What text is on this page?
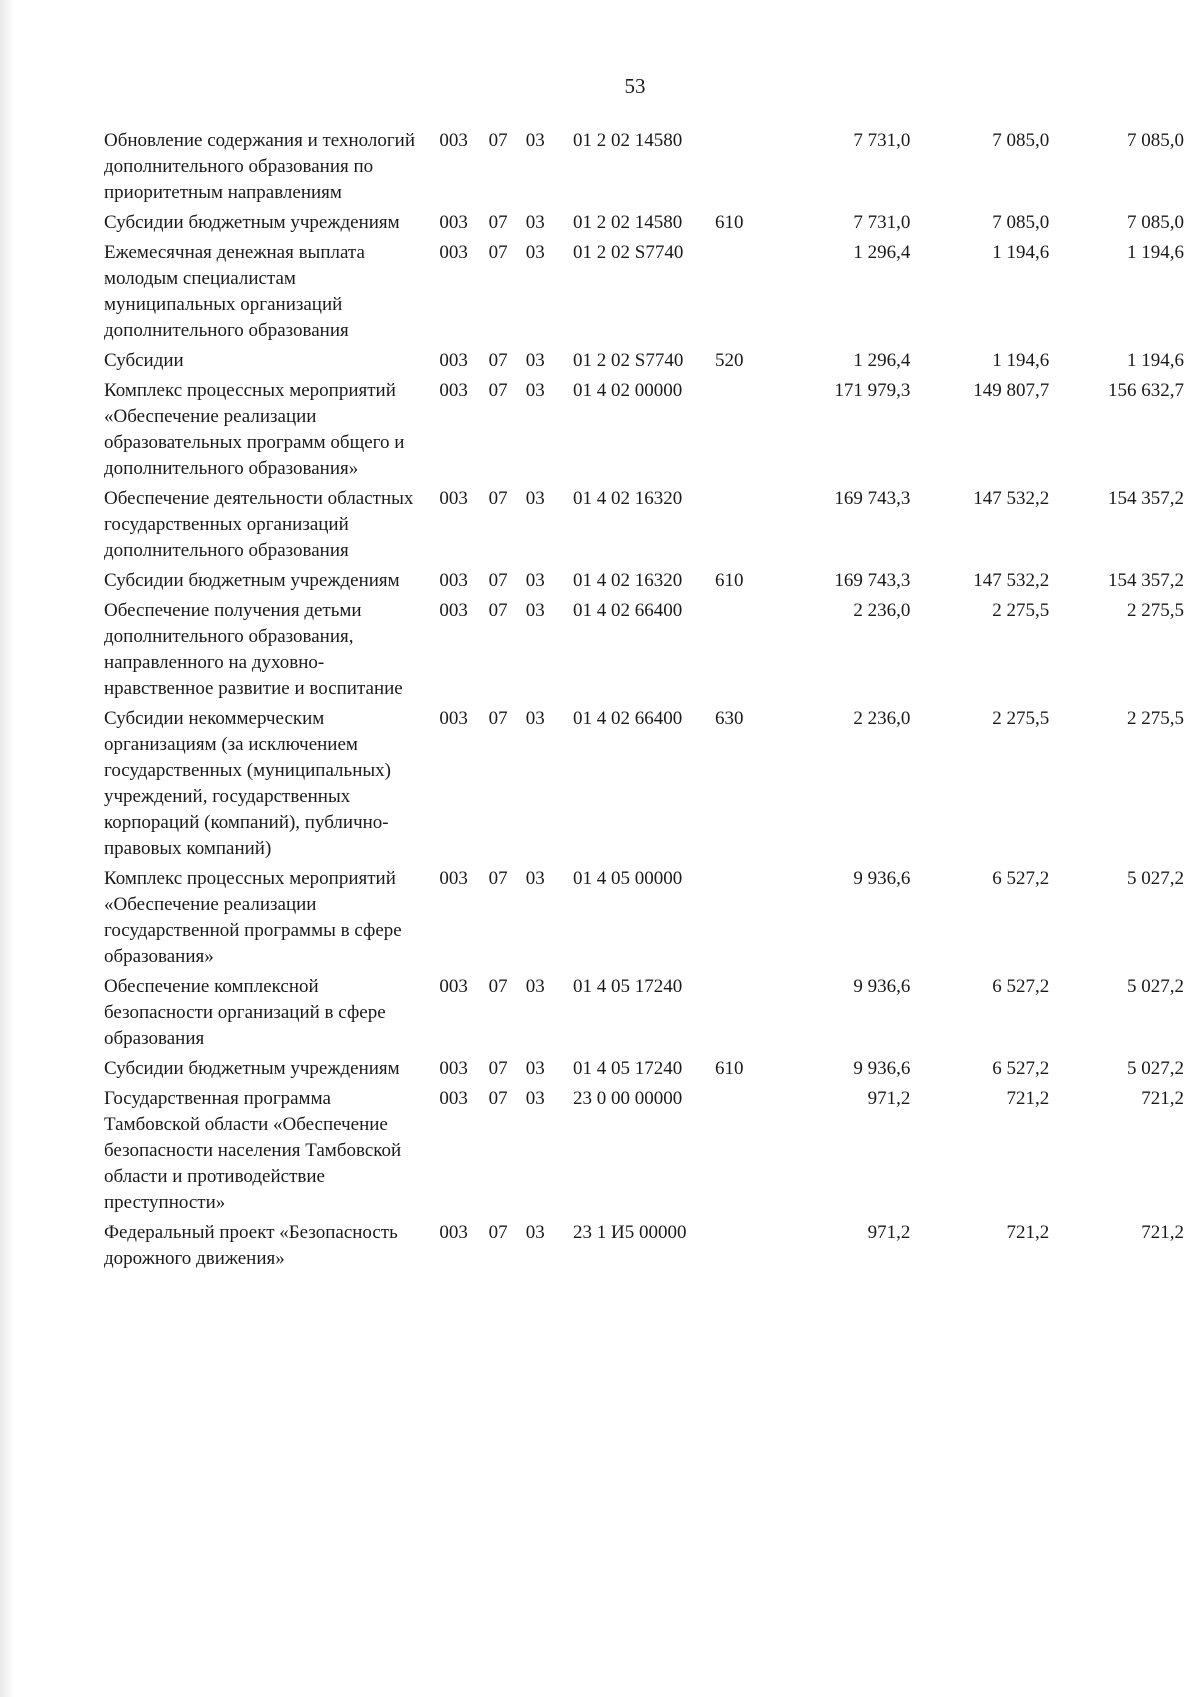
53
Обновление содержания и технологий дополнительного образования по приоритетным направлениям	003	07	03	01 2 02 14580		7 731,0	7 085,0	7 085,0
Субсидии бюджетным учреждениям	003	07	03	01 2 02 14580	610	7 731,0	7 085,0	7 085,0
Ежемесячная денежная выплата молодым специалистам муниципальных организаций дополнительного образования	003	07	03	01 2 02 S7740		1 296,4	1 194,6	1 194,6
Субсидии	003	07	03	01 2 02 S7740	520	1 296,4	1 194,6	1 194,6
Комплекс процессных мероприятий «Обеспечение реализации образовательных программ общего и дополнительного образования»	003	07	03	01 4 02 00000		171 979,3	149 807,7	156 632,7
Обеспечение деятельности областных государственных организаций дополнительного образования	003	07	03	01 4 02 16320		169 743,3	147 532,2	154 357,2
Субсидии бюджетным учреждениям	003	07	03	01 4 02 16320	610	169 743,3	147 532,2	154 357,2
Обеспечение получения детьми дополнительного образования, направленного на духовно-нравственное развитие и воспитание	003	07	03	01 4 02 66400		2 236,0	2 275,5	2 275,5
Субсидии некоммерческим организациям (за исключением государственных (муниципальных) учреждений, государственных корпораций (компаний), публично-правовых компаний)	003	07	03	01 4 02 66400	630	2 236,0	2 275,5	2 275,5
Комплекс процессных мероприятий «Обеспечение реализации государственной программы в сфере образования»	003	07	03	01 4 05 00000		9 936,6	6 527,2	5 027,2
Обеспечение комплексной безопасности организаций в сфере образования	003	07	03	01 4 05 17240		9 936,6	6 527,2	5 027,2
Субсидии бюджетным учреждениям	003	07	03	01 4 05 17240	610	9 936,6	6 527,2	5 027,2
Государственная программа Тамбовской области «Обеспечение безопасности населения Тамбовской области и противодействие преступности»	003	07	03	23 0 00 00000		971,2	721,2	721,2
Федеральный проект «Безопасность дорожного движения»	003	07	03	23 1 И5 00000		971,2	721,2	721,2
